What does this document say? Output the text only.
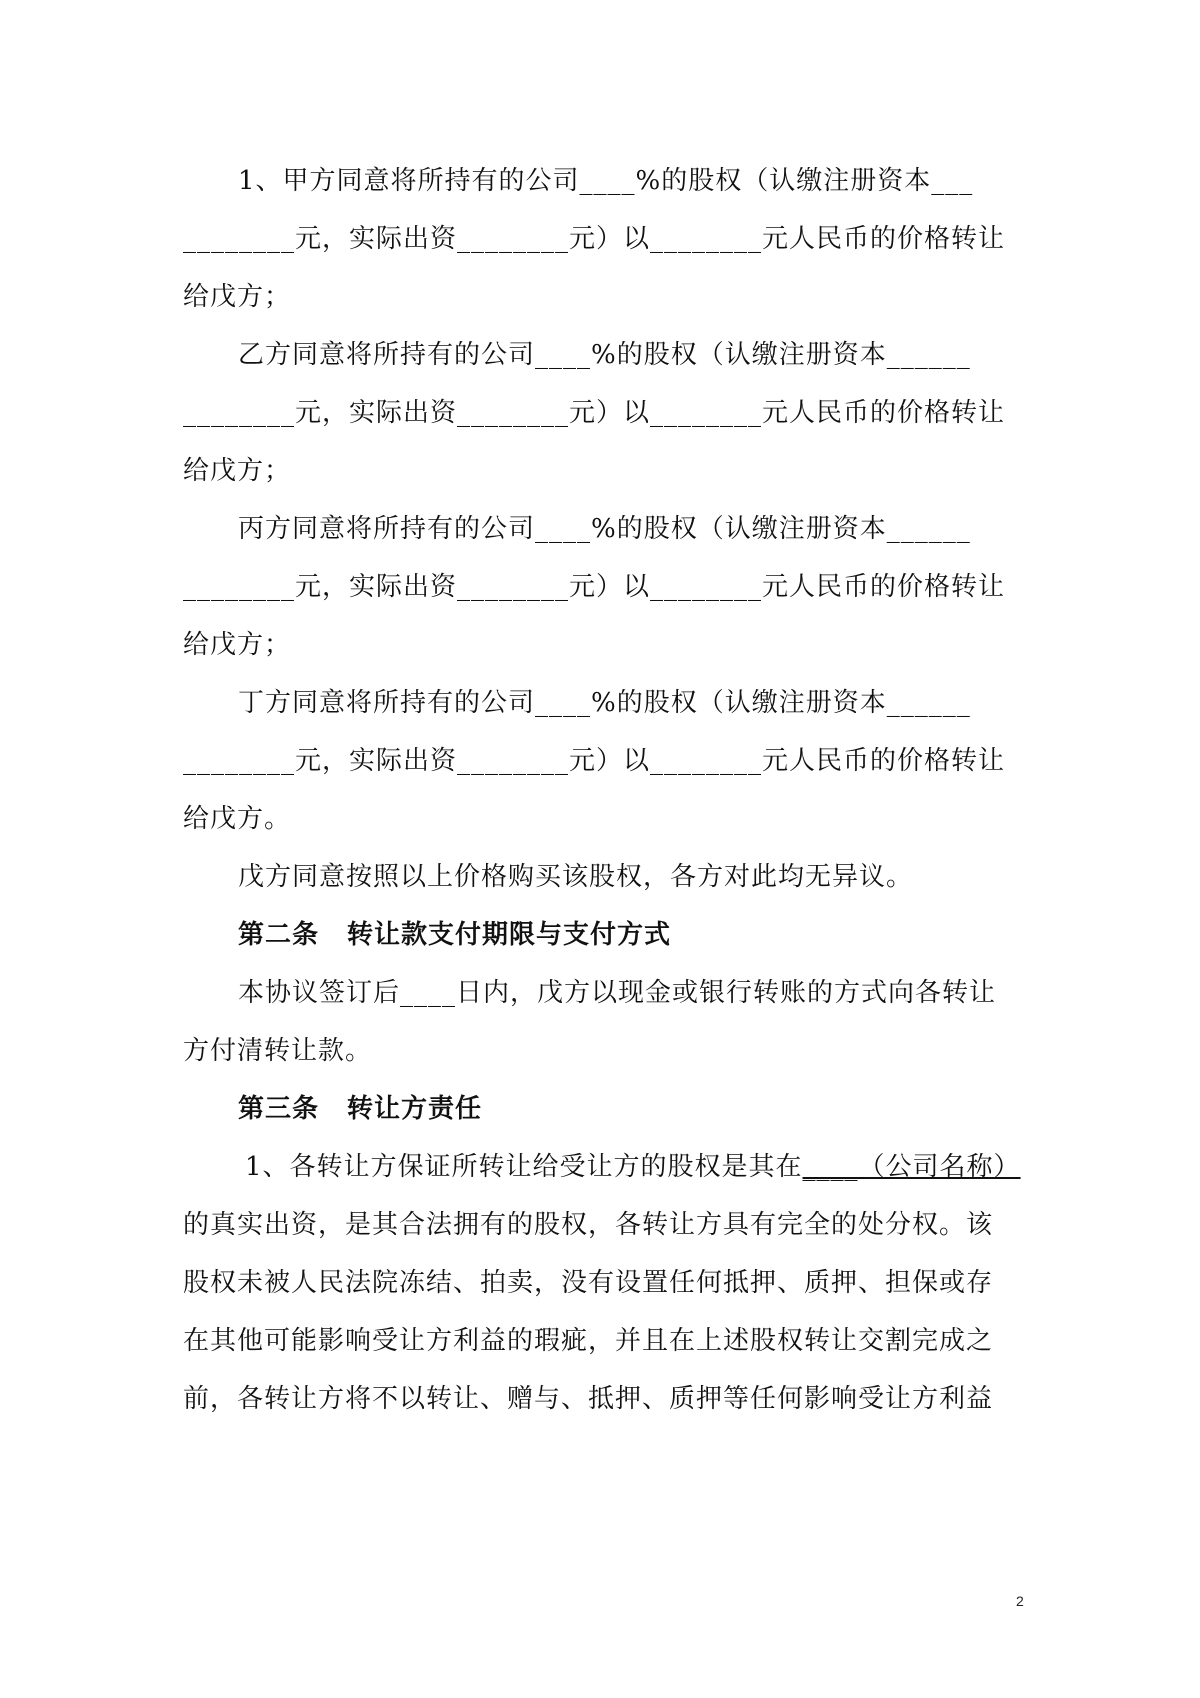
1、甲方同意将所持有的公司____%的股权（认缴注册资本___
________元，实际出资________元）以________元人民币的价格转让
给戊方；
乙方同意将所持有的公司____%的股权（认缴注册资本______
________元，实际出资________元）以________元人民币的价格转让
给戊方；
丙方同意将所持有的公司____%的股权（认缴注册资本______
________元，实际出资________元）以________元人民币的价格转让
给戊方；
丁方同意将所持有的公司____%的股权（认缴注册资本______
________元，实际出资________元）以________元人民币的价格转让
给戊方。
戊方同意按照以上价格购买该股权，各方对此均无异议。
第二条 转让款支付期限与支付方式
本协议签订后____日内，戊方以现金或银行转账的方式向各转让
方付清转让款。
第三条 转让方责任
1、各转让方保证所转让给受让方的股权是其在____（公司名称）
的真实出资，是其合法拥有的股权，各转让方具有完全的处分权。该
股权未被人民法院冻结、拍卖，没有设置任何抵押、质押、担保或存
在其他可能影响受让方利益的瑕疵，并且在上述股权转让交割完成之
前，各转让方将不以转让、赠与、抵押、质押等任何影响受让方利益
2
